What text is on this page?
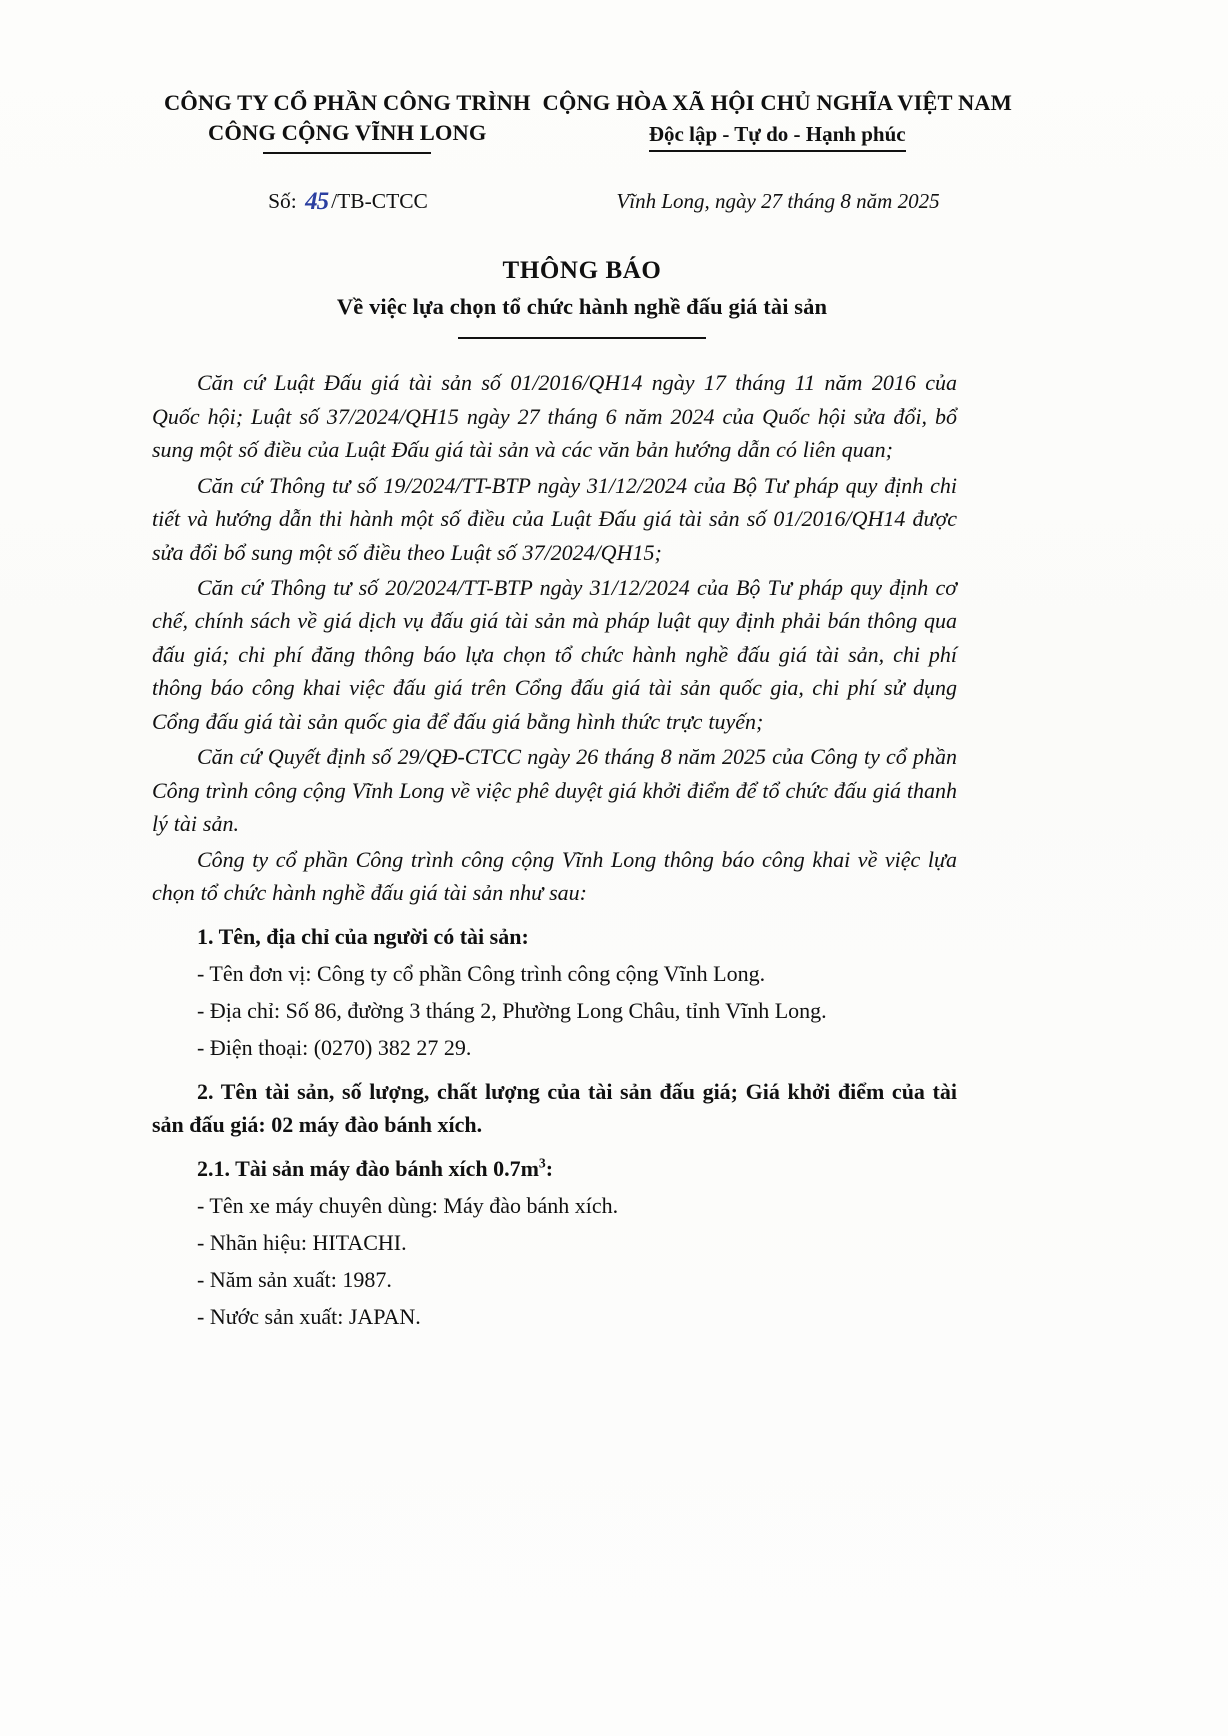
CÔNG TY CỔ PHẦN CÔNG TRÌNH
CÔNG CỘNG VĨNH LONG
CỘNG HÒA XÃ HỘI CHỦ NGHĨA VIỆT NAM
Độc lập - Tự do - Hạnh phúc
Số: 45 /TB-CTCC	Vĩnh Long, ngày 27 tháng 8 năm 2025
THÔNG BÁO
Về việc lựa chọn tổ chức hành nghề đấu giá tài sản

Căn cứ Luật Đấu giá tài sản số 01/2016/QH14 ngày 17 tháng 11 năm 2016 của Quốc hội; Luật số 37/2024/QH15 ngày 27 tháng 6 năm 2024 của Quốc hội sửa đổi, bổ sung một số điều của Luật Đấu giá tài sản và các văn bản hướng dẫn có liên quan;

Căn cứ Thông tư số 19/2024/TT-BTP ngày 31/12/2024 của Bộ Tư pháp quy định chi tiết và hướng dẫn thi hành một số điều của Luật Đấu giá tài sản số 01/2016/QH14 được sửa đổi bổ sung một số điều theo Luật số 37/2024/QH15;

Căn cứ Thông tư số 20/2024/TT-BTP ngày 31/12/2024 của Bộ Tư pháp quy định cơ chế, chính sách về giá dịch vụ đấu giá tài sản mà pháp luật quy định phải bán thông qua đấu giá; chi phí đăng thông báo lựa chọn tổ chức hành nghề đấu giá tài sản, chi phí thông báo công khai việc đấu giá trên Cổng đấu giá tài sản quốc gia, chi phí sử dụng Cổng đấu giá tài sản quốc gia để đấu giá bằng hình thức trực tuyến;

Căn cứ Quyết định số 29/QĐ-CTCC ngày 26 tháng 8 năm 2025 của Công ty cổ phần Công trình công cộng Vĩnh Long về việc phê duyệt giá khởi điểm để tổ chức đấu giá thanh lý tài sản.

Công ty cổ phần Công trình công cộng Vĩnh Long thông báo công khai về việc lựa chọn tổ chức hành nghề đấu giá tài sản như sau:

1. Tên, địa chỉ của người có tài sản:

- Tên đơn vị: Công ty cổ phần Công trình công cộng Vĩnh Long.

- Địa chỉ: Số 86, đường 3 tháng 2, Phường Long Châu, tỉnh Vĩnh Long.

- Điện thoại: (0270) 382 27 29.

2. Tên tài sản, số lượng, chất lượng của tài sản đấu giá; Giá khởi điểm của tài sản đấu giá: 02 máy đào bánh xích.

2.1. Tài sản máy đào bánh xích $0.7m^3$:

- Tên xe máy chuyên dùng: Máy đào bánh xích.

- Nhãn hiệu: HITACHI.

- Năm sản xuất: 1987.

- Nước sản xuất: JAPAN.
